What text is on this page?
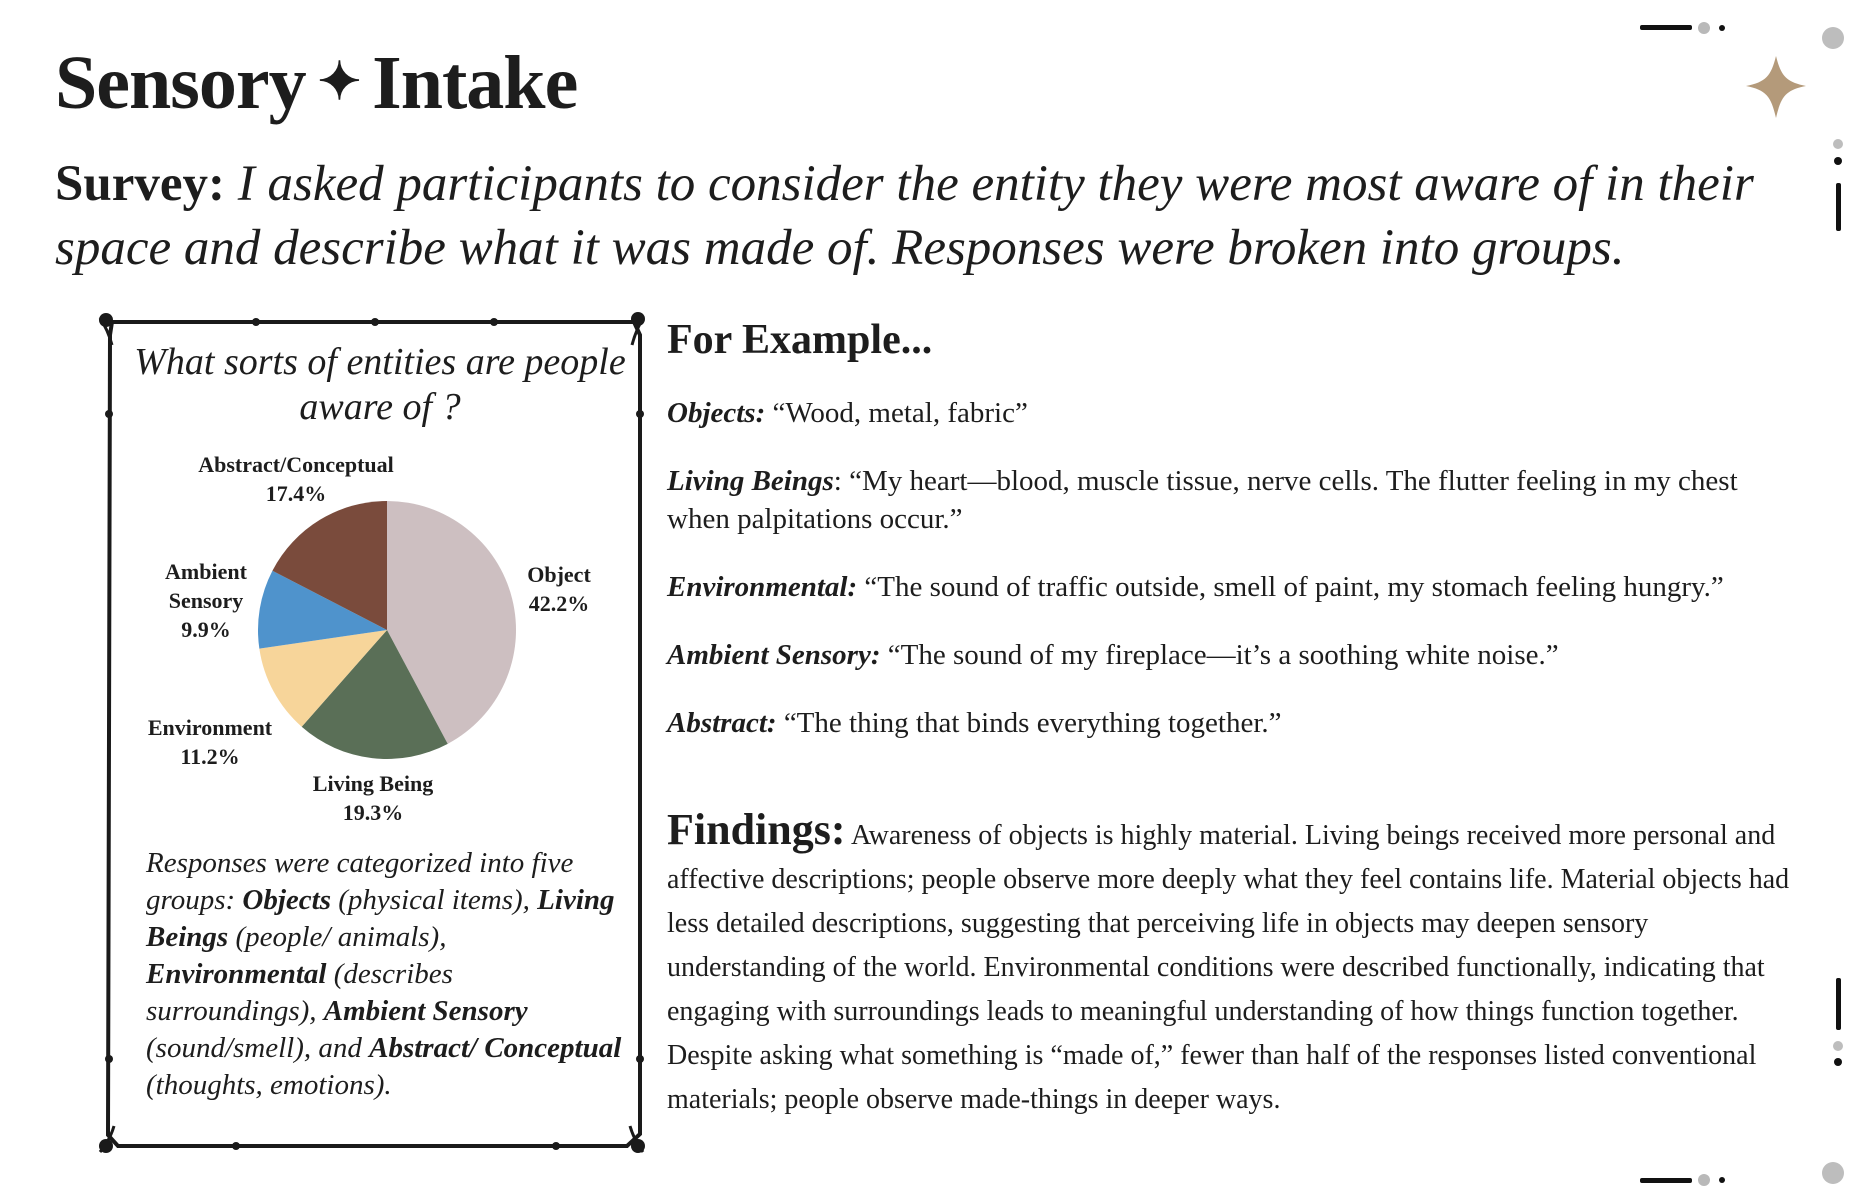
Sensory ✦ Intake

Survey: I asked participants to consider the entity they were most aware of in their space and describe what it was made of. Responses were broken into groups.

What sorts of entities are people aware of ?

Object
42.2%
Living Being
19.3%
Environment
11.2%
Ambient Sensory
9.9%
Abstract/Conceptual
17.4%

Responses were categorized into five groups: Objects (physical items), Living Beings (people/ animals), Environmental (describes surroundings), Ambient Sensory (sound/smell), and Abstract/ Conceptual (thoughts, emotions).

For Example...

Objects: “Wood, metal, fabric”

Living Beings: “My heart—blood, muscle tissue, nerve cells. The flutter feeling in my chest when palpitations occur.”

Environmental: “The sound of traffic outside, smell of paint, my stomach feeling hungry.”

Ambient Sensory: “The sound of my fireplace—it’s a soothing white noise.”

Abstract: “The thing that binds everything together.”

Findings: Awareness of objects is highly material. Living beings received more personal and affective descriptions; people observe more deeply what they feel contains life. Material objects had less detailed descriptions, suggesting that perceiving life in objects may deepen sensory understanding of the world. Environmental conditions were described functionally, indicating that engaging with surroundings leads to meaningful understanding of how things function together. Despite asking what something is “made of,” fewer than half of the responses listed conventional materials; people observe made-things in deeper ways.
